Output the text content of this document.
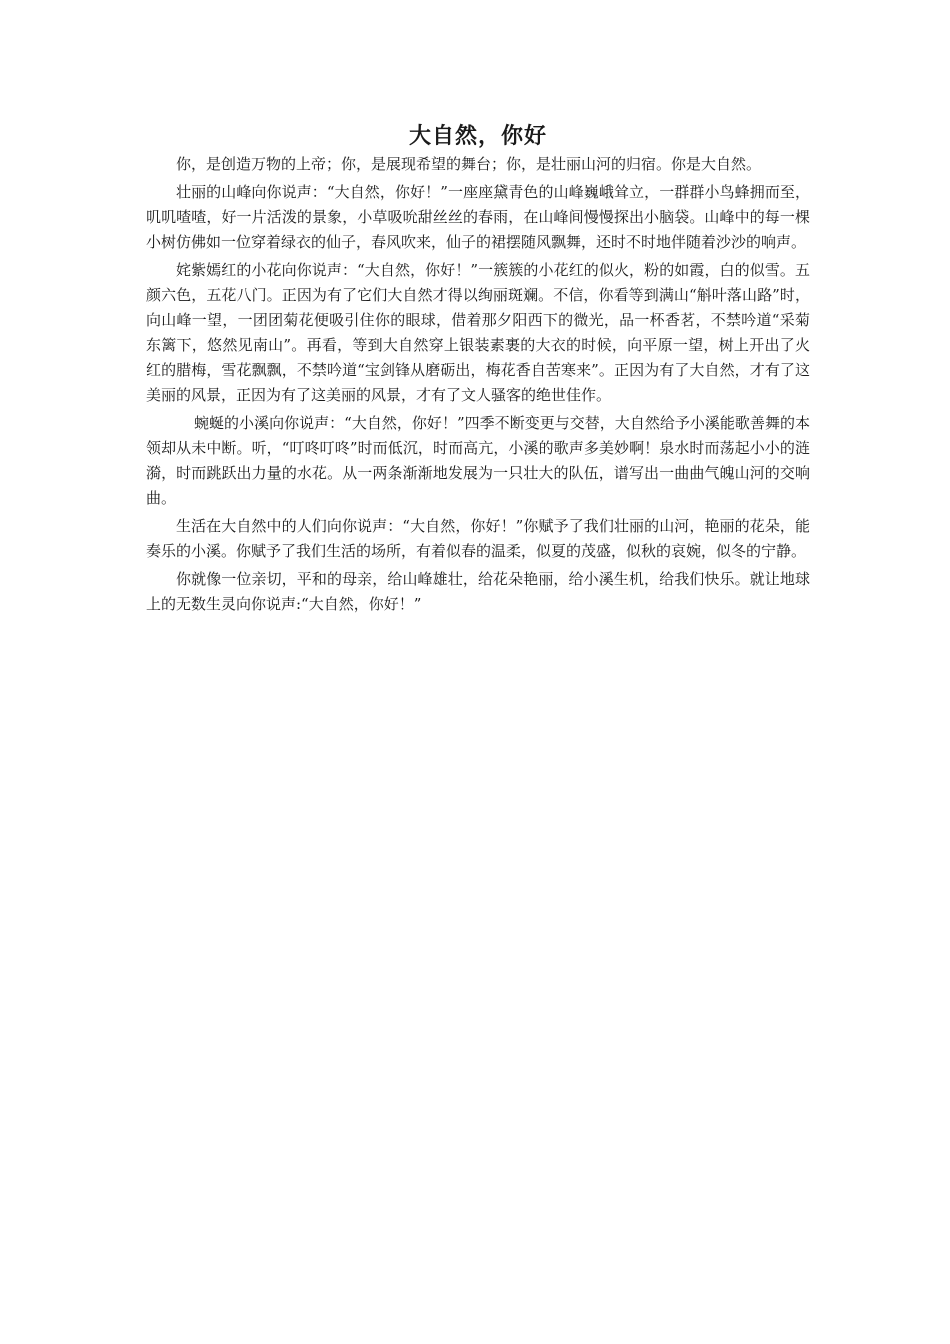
大自然，你好

你，是创造万物的上帝；你，是展现希望的舞台；你，是壮丽山河的归宿。你是大自然。

壮丽的山峰向你说声：“大自然，你好！”一座座黛青色的山峰巍峨耸立，一群群小鸟蜂拥而至，叽叽喳喳，好一片活泼的景象，小草吸吮甜丝丝的春雨，在山峰间慢慢探出小脑袋。山峰中的每一棵小树仿佛如一位穿着绿衣的仙子，春风吹来，仙子的裙摆随风飘舞，还时不时地伴随着沙沙的响声。

姹紫嫣红的小花向你说声：“大自然，你好！”一簇簇的小花红的似火，粉的如霞，白的似雪。五颜六色，五花八门。正因为有了它们大自然才得以绚丽斑斓。不信，你看等到满山“斛叶落山路”时，向山峰一望，一团团菊花便吸引住你的眼球，借着那夕阳西下的微光，品一杯香茗，不禁吟道“采菊东篱下，悠然见南山”。再看，等到大自然穿上银装素裹的大衣的时候，向平原一望，树上开出了火红的腊梅，雪花飘飘，不禁吟道“宝剑锋从磨砺出，梅花香自苦寒来”。正因为有了大自然，才有了这美丽的风景，正因为有了这美丽的风景，才有了文人骚客的绝世佳作。

蜿蜒的小溪向你说声：“大自然，你好！”四季不断变更与交替，大自然给予小溪能歌善舞的本领却从未中断。听，“叮咚叮咚”时而低沉，时而高亢，小溪的歌声多美妙啊！泉水时而荡起小小的涟漪，时而跳跃出力量的水花。从一两条渐渐地发展为一只壮大的队伍，谱写出一曲曲气魄山河的交响曲。

生活在大自然中的人们向你说声：“大自然，你好！”你赋予了我们壮丽的山河，艳丽的花朵，能奏乐的小溪。你赋予了我们生活的场所，有着似春的温柔，似夏的茂盛，似秋的哀婉，似冬的宁静。

你就像一位亲切，平和的母亲，给山峰雄壮，给花朵艳丽，给小溪生机，给我们快乐。就让地球上的无数生灵向你说声:“大自然，你好！”
